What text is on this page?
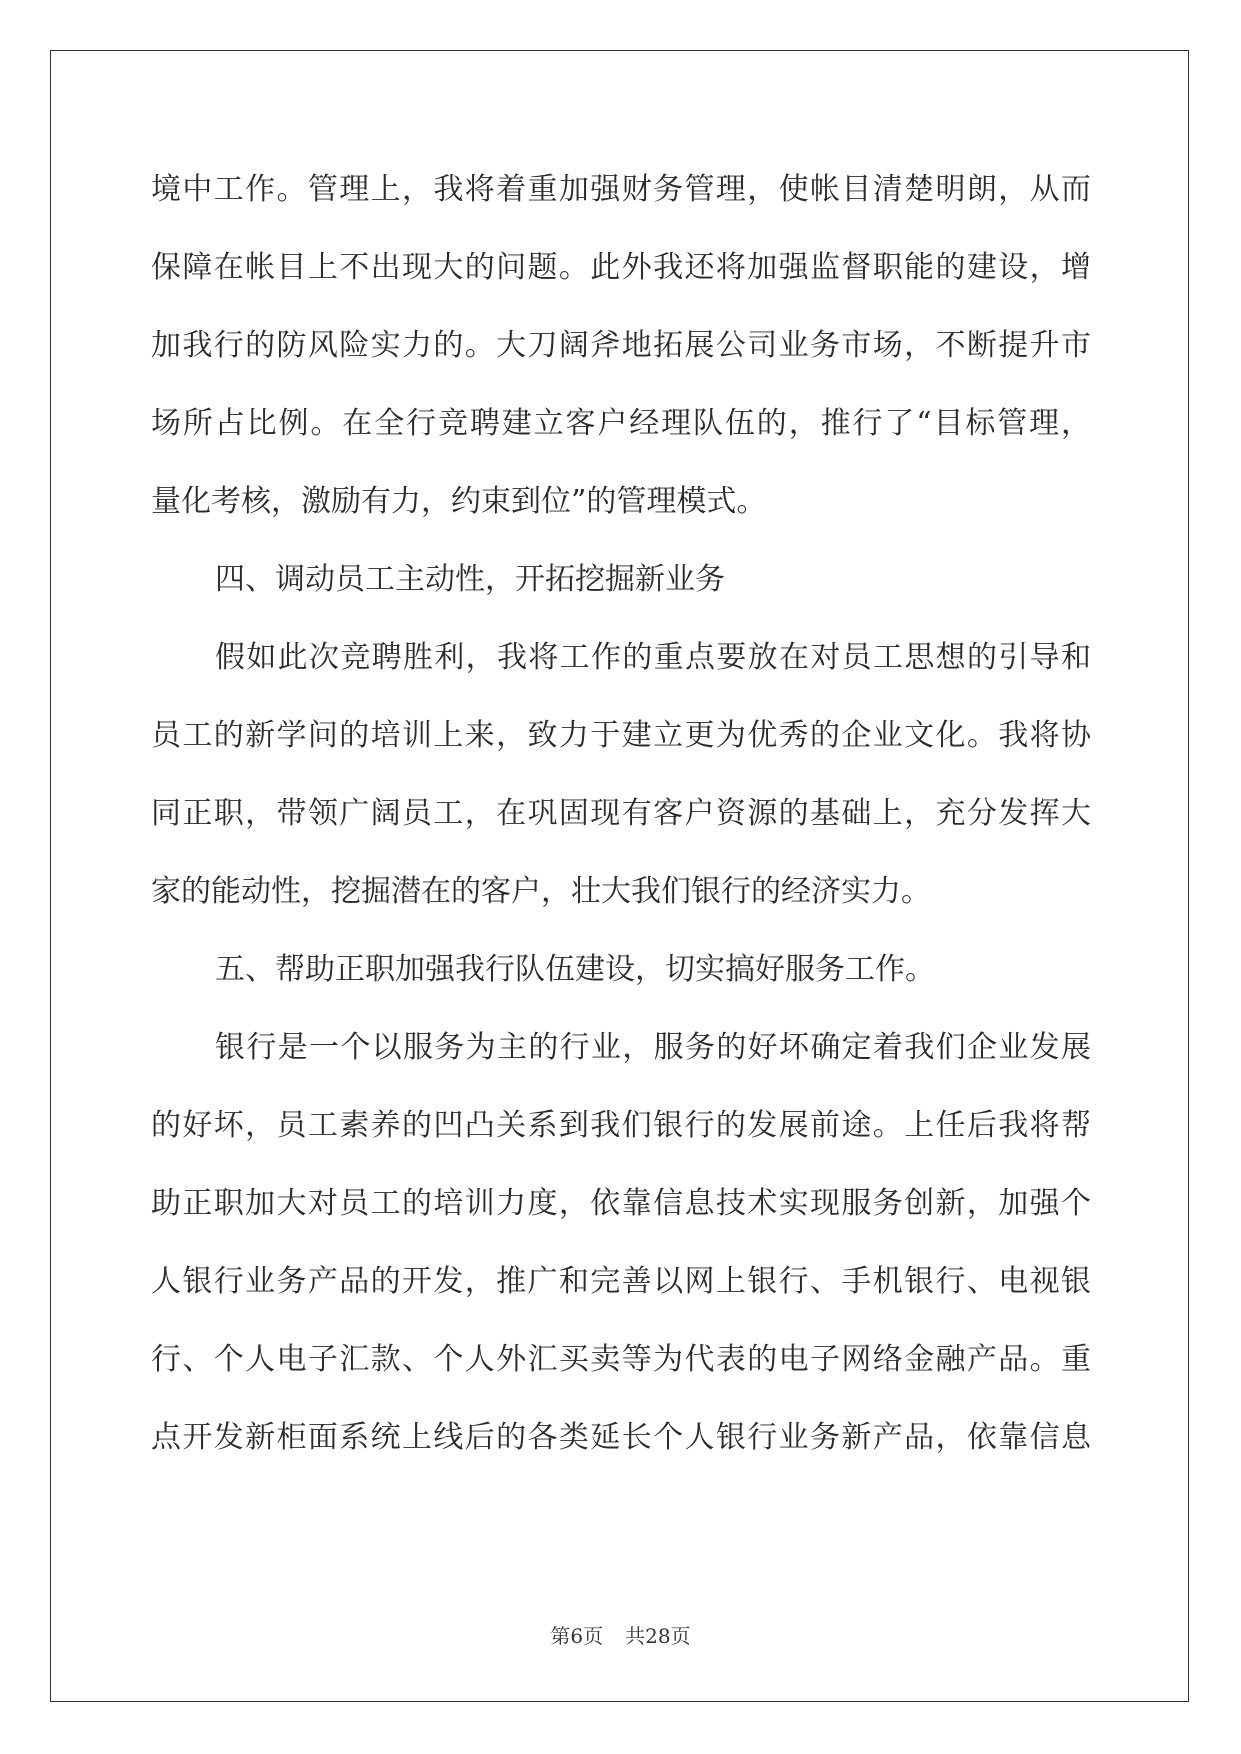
境中工作。管理上，我将着重加强财务管理，使帐目清楚明朗，从而
保障在帐目上不出现大的问题。此外我还将加强监督职能的建设，增
加我行的防风险实力的。大刀阔斧地拓展公司业务市场，不断提升市
场所占比例。在全行竞聘建立客户经理队伍的，推行了“目标管理，
量化考核，激励有力，约束到位”的管理模式。
四、调动员工主动性，开拓挖掘新业务
假如此次竞聘胜利，我将工作的重点要放在对员工思想的引导和
员工的新学问的培训上来，致力于建立更为优秀的企业文化。我将协
同正职，带领广阔员工，在巩固现有客户资源的基础上，充分发挥大
家的能动性，挖掘潜在的客户，壮大我们银行的经济实力。
五、帮助正职加强我行队伍建设，切实搞好服务工作。
银行是一个以服务为主的行业，服务的好坏确定着我们企业发展
的好坏，员工素养的凹凸关系到我们银行的发展前途。上任后我将帮
助正职加大对员工的培训力度，依靠信息技术实现服务创新，加强个
人银行业务产品的开发，推广和完善以网上银行、手机银行、电视银
行、个人电子汇款、个人外汇买卖等为代表的电子网络金融产品。重
点开发新柜面系统上线后的各类延长个人银行业务新产品，依靠信息
第6页 共28页
